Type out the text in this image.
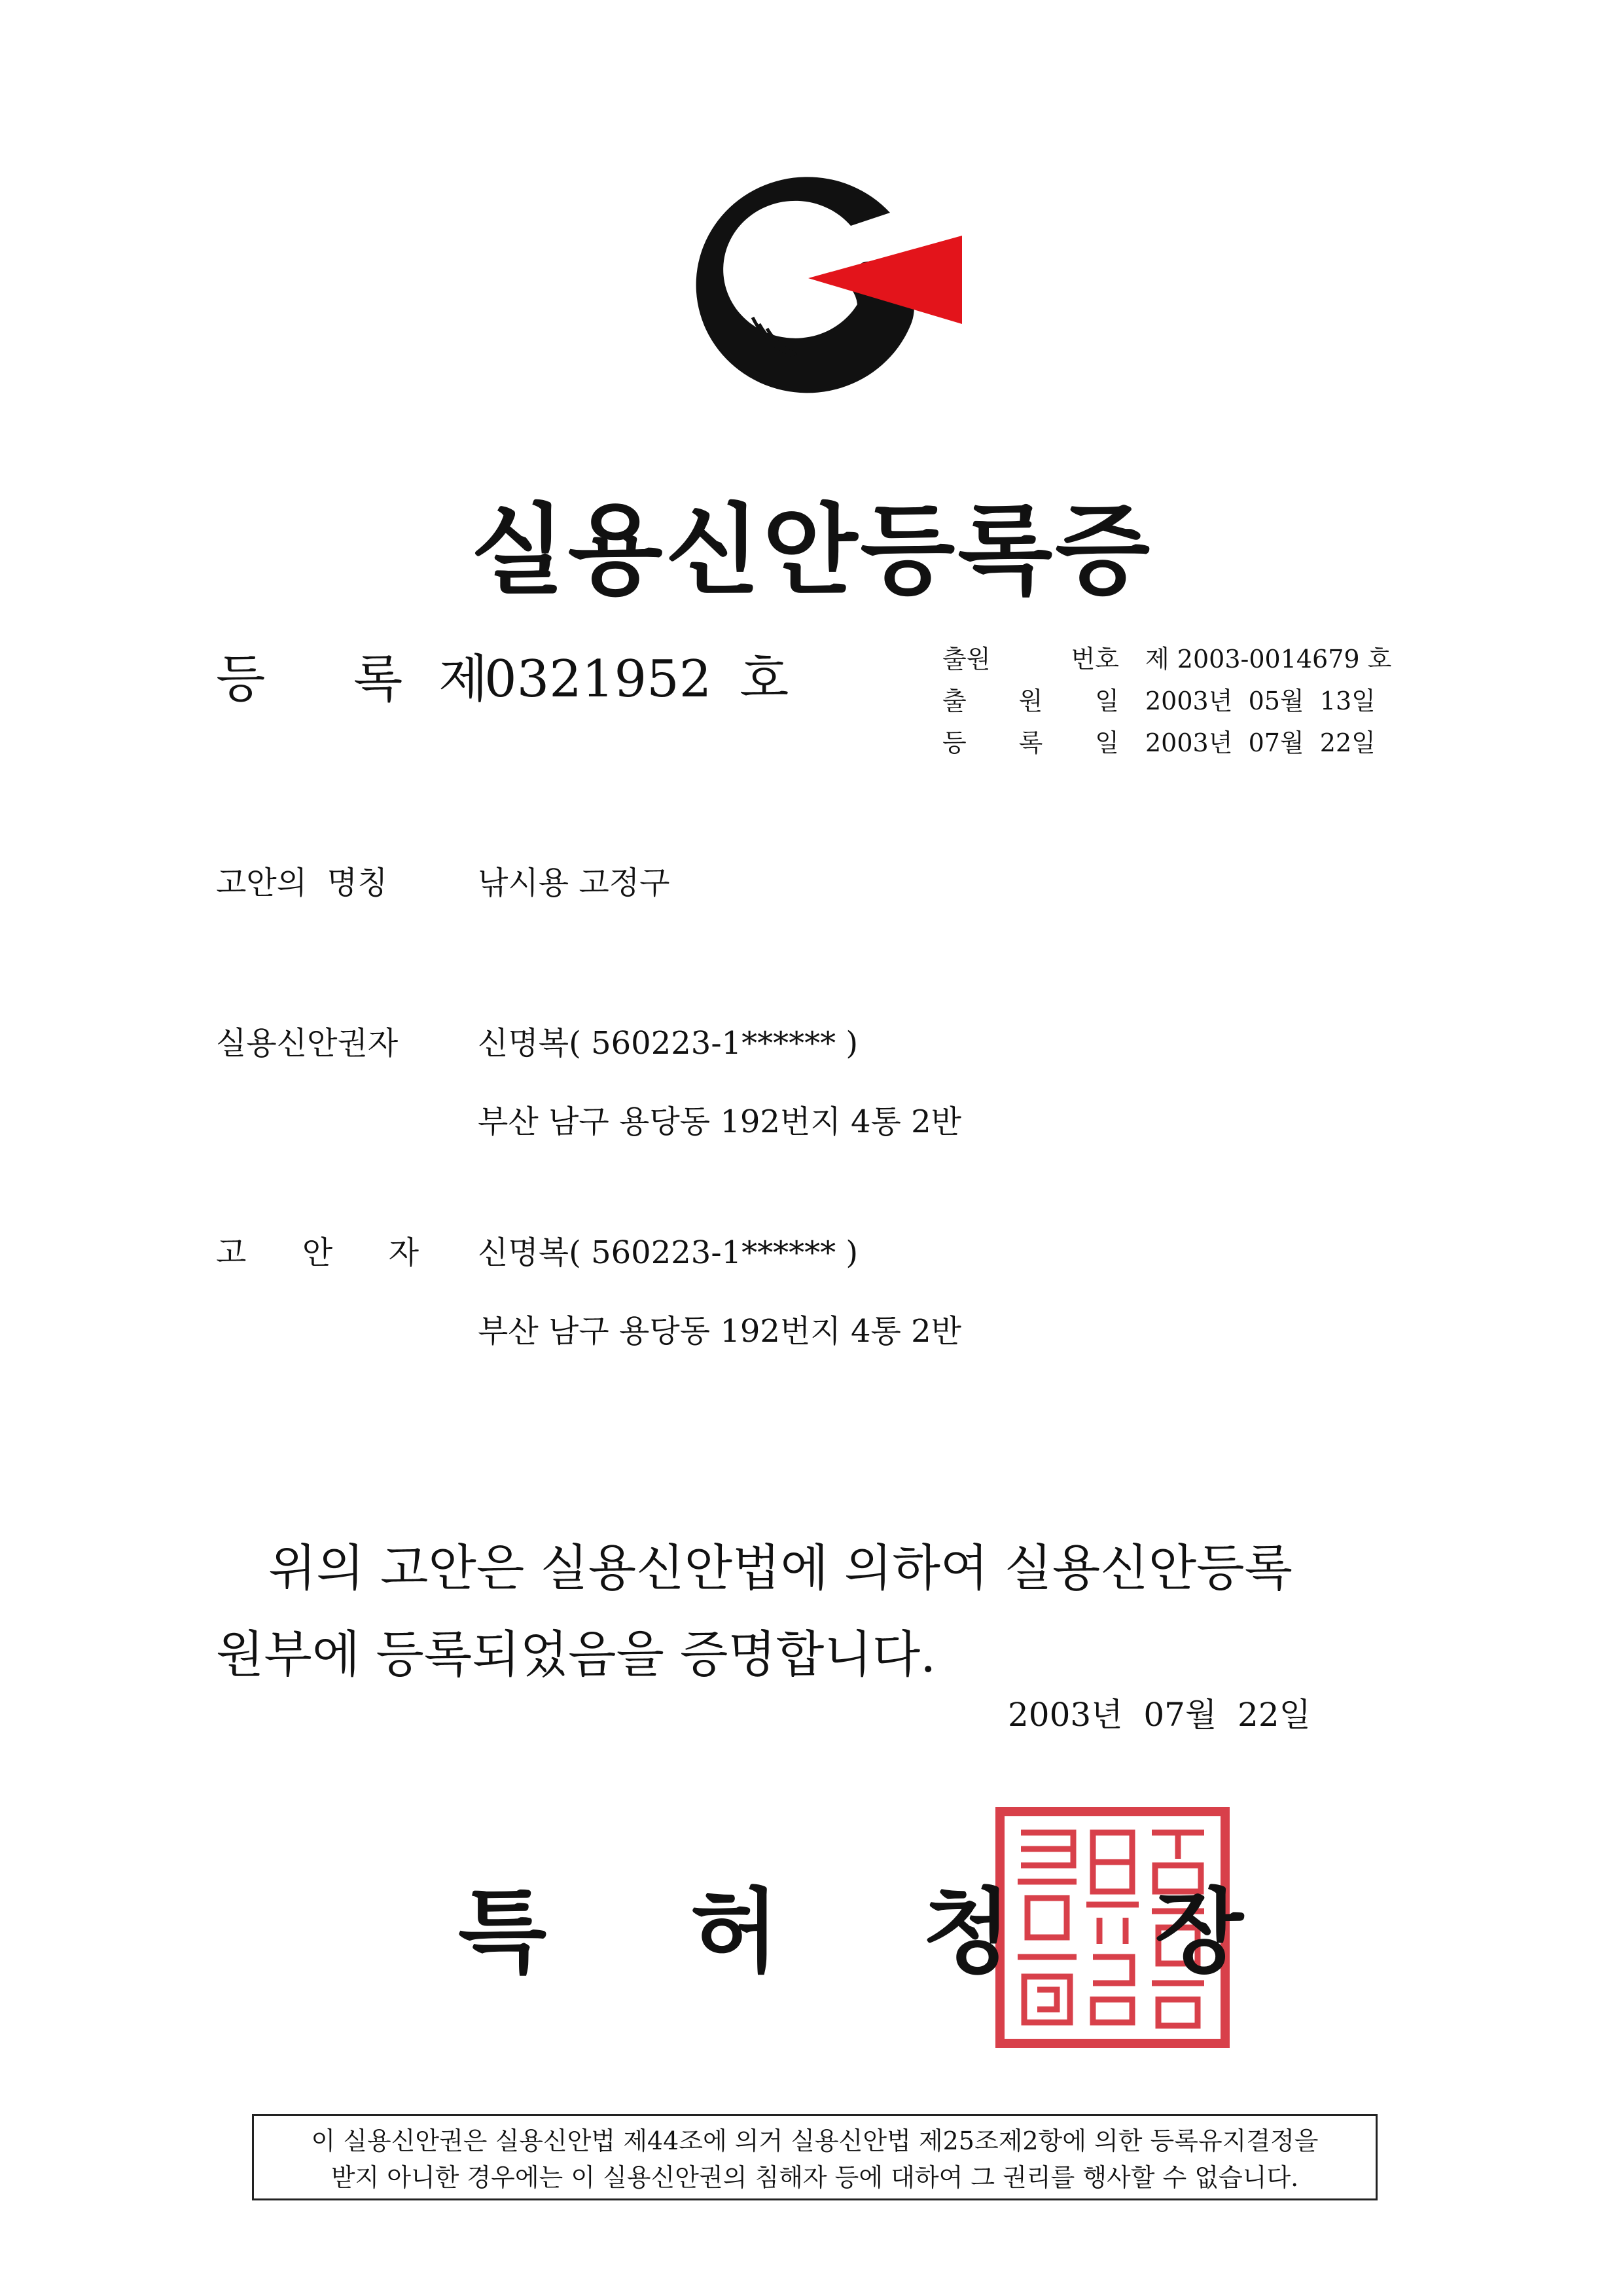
실용신안등록증
등 록 제0321952 호	출원	번호 제 2003-0014679 호
출 원 일 2003년  05월  13일
등 록 일 2003년  07월  22일
고안의  명칭	낚시용 고정구
실용신안권자	신명복( 560223-1****** )
부산 남구 용당동 192번지 4통 2반
고 안 자 신명복( 560223-1****** )
부산 남구 용당동 192번지 4통 2반
위의 고안은 실용신안법에 의하여 실용신안등록
원부에 등록되었음을 증명합니다.
2003년  07월  22일
특 허 청 장
이 실용신안권은 실용신안법 제44조에 의거 실용신안법 제25조제2항에 의한 등록유지결정을
받지 아니한 경우에는 이 실용신안권의 침해자 등에 대하여 그 권리를 행사할 수 없습니다.
